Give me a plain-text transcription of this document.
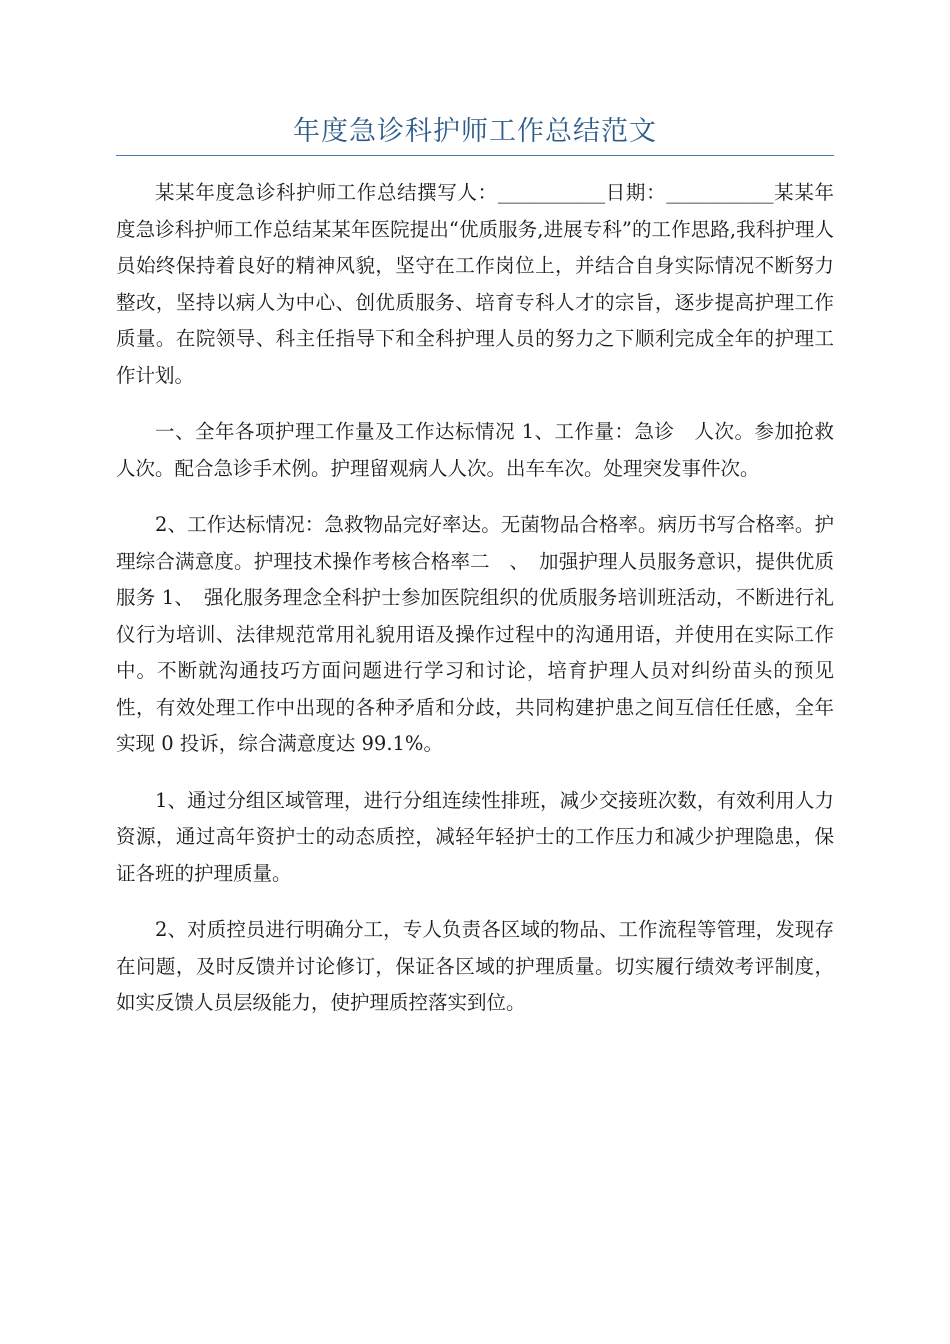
年度急诊科护师工作总结范文

某某年度急诊科护师工作总结撰写人：___________日期：___________某某年度急诊科护师工作总结某某年医院提出“优质服务,进展专科”的工作思路,我科护理人员始终保持着良好的精神风貌，坚守在工作岗位上，并结合自身实际情况不断努力整改，坚持以病人为中心、创优质服务、培育专科人才的宗旨，逐步提高护理工作质量。在院领导、科主任指导下和全科护理人员的努力之下顺利完成全年的护理工作计划。

一、全年各项护理工作量及工作达标情况 1、工作量：急诊　人次。参加抢救　人次。配合急诊手术例。护理留观病人人次。出车车次。处理突发事件次。

2、工作达标情况：急救物品完好率达。无菌物品合格率。病历书写合格率。护理综合满意度。护理技术操作考核合格率二　、　加强护理人员服务意识，提供优质服务 1、　强化服务理念全科护士参加医院组织的优质服务培训班活动，不断进行礼仪行为培训、法律规范常用礼貌用语及操作过程中的沟通用语，并使用在实际工作中。不断就沟通技巧方面问题进行学习和讨论，培育护理人员对纠纷苗头的预见性，有效处理工作中出现的各种矛盾和分歧，共同构建护患之间互信任任感，全年实现 0 投诉，综合满意度达 99.1%。

1、通过分组区域管理，进行分组连续性排班，减少交接班次数，有效利用人力资源，通过高年资护士的动态质控，减轻年轻护士的工作压力和减少护理隐患，保证各班的护理质量。

2、对质控员进行明确分工，专人负责各区域的物品、工作流程等管理，发现存在问题，及时反馈并讨论修订，保证各区域的护理质量。切实履行绩效考评制度，如实反馈人员层级能力，使护理质控落实到位。
